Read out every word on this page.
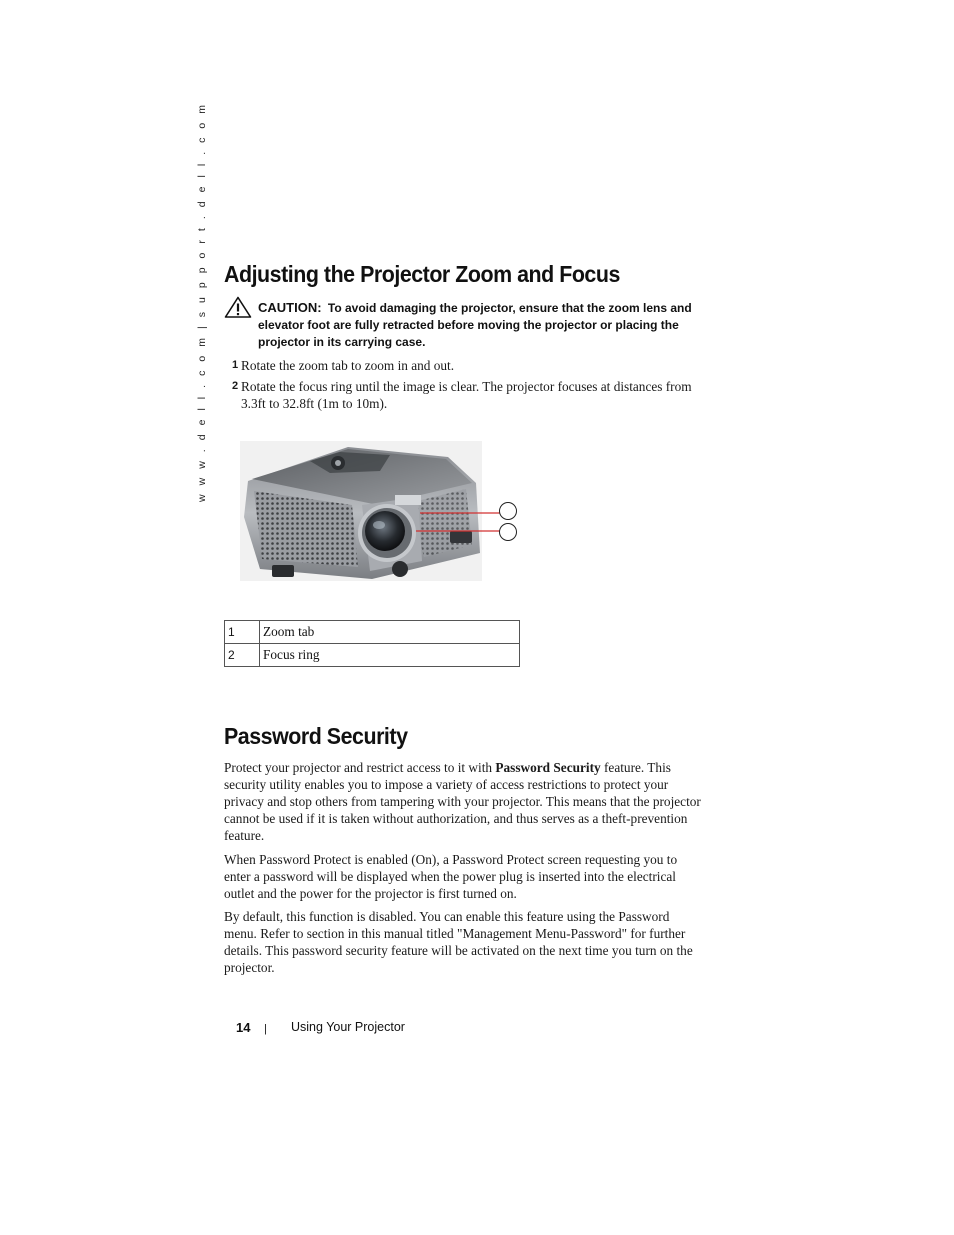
w w w . d e l l . c o m | s u p p o r t . d e l l . c o m Adjusting the Projector Zoom and Focus
CAUTION: To avoid damaging the projector, ensure that the zoom lens and elevator foot are fully retracted before moving the projector or placing the projector in its carrying case.
1 Rotate the zoom tab to zoom in and out.
2 Rotate the focus ring until the image is clear. The projector focuses at distances from 3.3ft to 32.8ft (1m to 10m).
1	Zoom tab
2	Focus ring
Password Security

Protect your projector and restrict access to it with Password Security feature. This security utility enables you to impose a variety of access restrictions to protect your privacy and stop others from tampering with your projector. This means that the projector cannot be used if it is taken without authorization, and thus serves as a theft-prevention feature.

When Password Protect is enabled (On), a Password Protect screen requesting you to enter a password will be displayed when the power plug is inserted into the electrical outlet and the power for the projector is first turned on.

By default, this function is disabled. You can enable this feature using the Password menu. Refer to section in this manual titled "Management Menu-Password" for further details. This password security feature will be activated on the next time you turn on the projector.

14 | Using Your Projector
